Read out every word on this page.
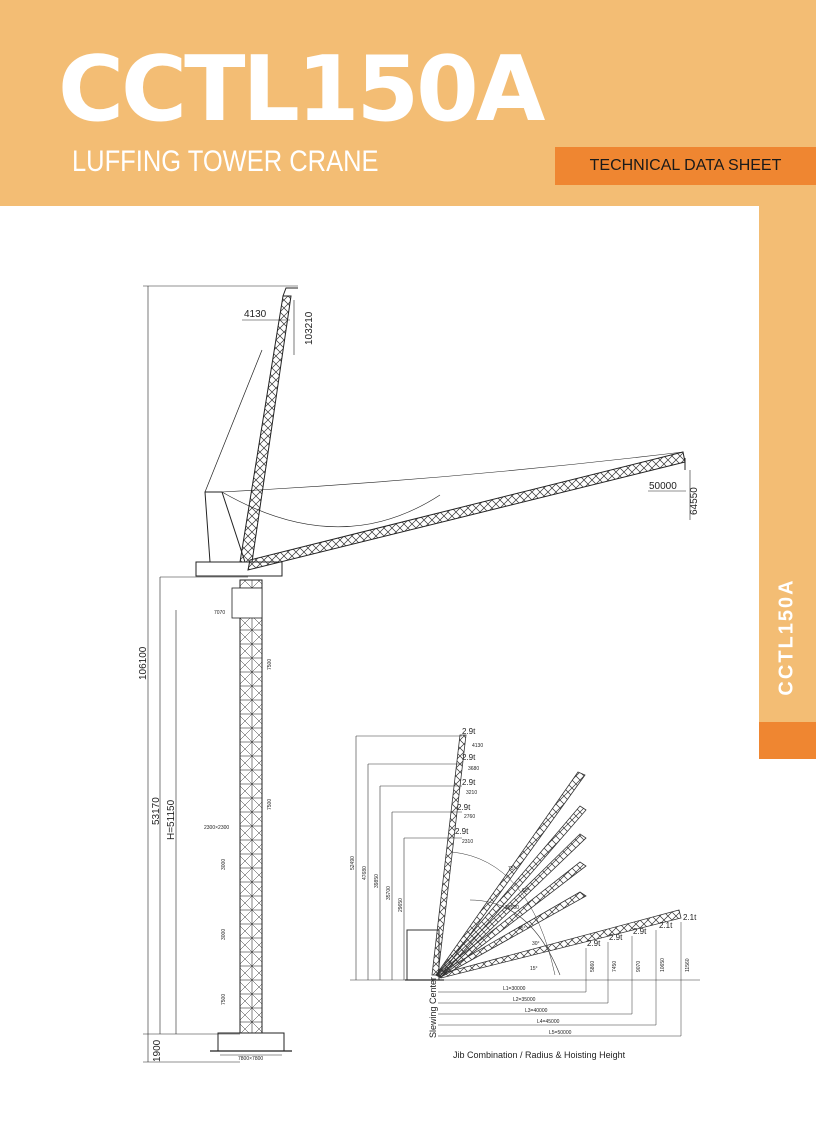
CCTL150A
LUFFING TOWER CRANE	TECHNICAL DATA SHEET
CCTL150A
4130	103210
50000
64550
106100
53170 H=51150
1900	7800×7800
7070
3000
2300×2300
3000
7500
7500
7500
2.9t
2.9t
2.9t
2.9t
2.9t
2.9t
2.9t
2.9t
2.1t
2.1t
4130
3680
3210
2760
2310
52490
47680
39850
35700
29650	28500
L1=30000
L2=35000
L3=40000
L4=45000
L5=50000
5860	7450	9070	10650	11560
15°
30°
45°
60°
75°
Slewing Center
Jib Combination / Radius & Hoisting Height
